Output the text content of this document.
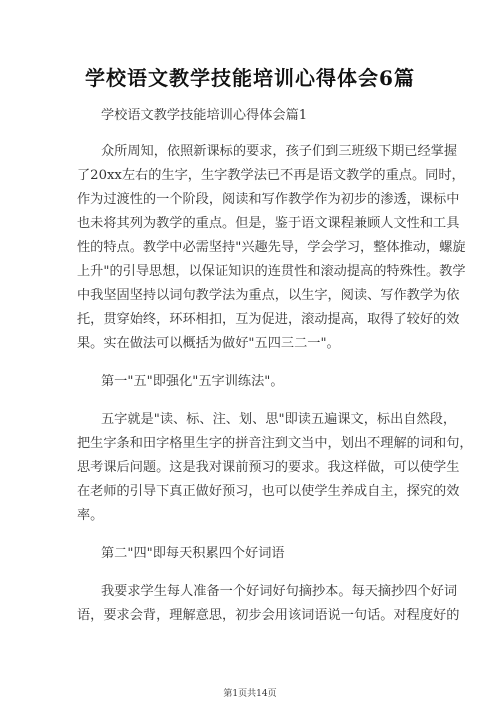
学校语文教学技能培训心得体会6篇
学校语文教学技能培训心得体会篇1
众所周知，依照新课标的要求，孩子们到三班级下期已经掌握
了20xx左右的生字，生字教学法已不再是语文教学的重点。同时，
作为过渡性的一个阶段，阅读和写作教学作为初步的渗透，课标中
也未将其列为教学的重点。但是，鉴于语文课程兼顾人文性和工具
性的特点。教学中必需坚持"兴趣先导，学会学习，整体推动，螺旋
上升"的引导思想，以保证知识的连贯性和滚动提高的特殊性。教学
中我坚固坚持以词句教学法为重点，以生字，阅读、写作教学为依
托，贯穿始终，环环相扣，互为促进，滚动提高，取得了较好的效
果。实在做法可以概括为做好"五四三二一"。
第一"五"即强化"五字训练法"。
五字就是"读、标、注、划、思"即读五遍课文，标出自然段，
把生字条和田字格里生字的拼音注到文当中，划出不理解的词和句，
思考课后问题。这是我对课前预习的要求。我这样做，可以使学生
在老师的引导下真正做好预习，也可以使学生养成自主，探究的效
率。
第二"四"即每天积累四个好词语
我要求学生每人准备一个好词好句摘抄本。每天摘抄四个好词
语，要求会背，理解意思，初步会用该词语说一句话。对程度好的
第1页共14页
